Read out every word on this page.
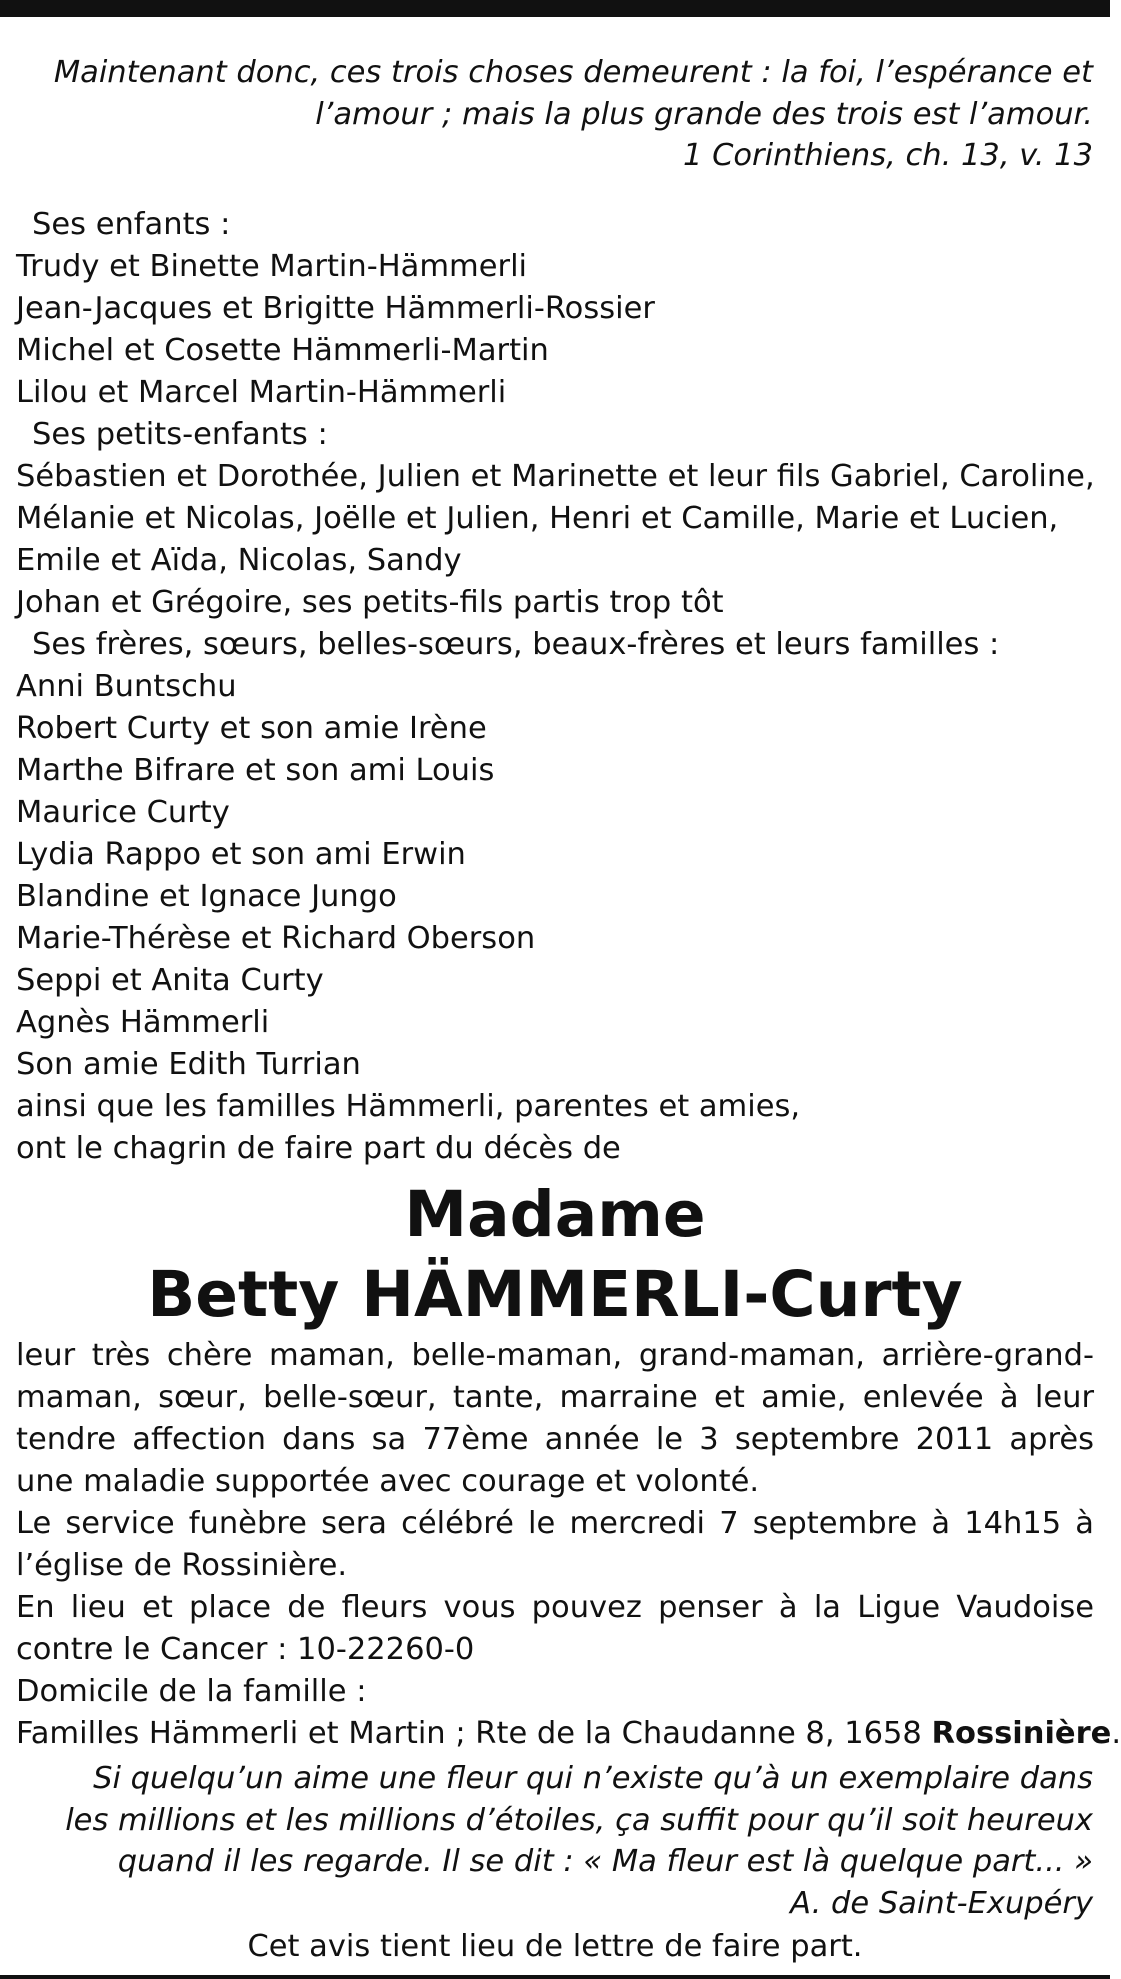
Maintenant donc, ces trois choses demeurent : la foi, l’espérance et

l’amour ; mais la plus grande des trois est l’amour.

1 Corinthiens, ch. 13, v. 13

Ses enfants :

Trudy et Binette Martin-Hämmerli

Jean-Jacques et Brigitte Hämmerli-Rossier

Michel et Cosette Hämmerli-Martin

Lilou et Marcel Martin-Hämmerli

Ses petits-enfants :

Sébastien et Dorothée, Julien et Marinette et leur fils Gabriel, Caroline,

Mélanie et Nicolas, Joëlle et Julien, Henri et Camille, Marie et Lucien,

Emile et Aïda, Nicolas, Sandy

Johan et Grégoire, ses petits-fils partis trop tôt

Ses frères, sœurs, belles-sœurs, beaux-frères et leurs familles :

Anni Buntschu

Robert Curty et son amie Irène

Marthe Bifrare et son ami Louis

Maurice Curty

Lydia Rappo et son ami Erwin

Blandine et Ignace Jungo

Marie-Thérèse et Richard Oberson

Seppi et Anita Curty

Agnès Hämmerli

Son amie Edith Turrian

ainsi que les familles Hämmerli, parentes et amies,

ont le chagrin de faire part du décès de

Madame
Betty HÄMMERLI-Curty

leur très chère maman, belle-maman, grand-maman, arrière-grand-maman, sœur, belle-sœur, tante, marraine et amie, enlevée à leur tendre affection dans sa 77ème année le 3 septembre 2011 après une maladie supportée avec courage et volonté.

Le service funèbre sera célébré le mercredi 7 septembre à 14h15 à l’église de Rossinière.

En lieu et place de fleurs vous pouvez penser à la Ligue Vaudoise contre le Cancer : 10-22260-0

Domicile de la famille :

Familles Hämmerli et Martin ; Rte de la Chaudanne 8, 1658 Rossinière.

Si quelqu’un aime une fleur qui n’existe qu’à un exemplaire dans

les millions et les millions d’étoiles, ça suffit pour qu’il soit heureux

quand il les regarde. Il se dit : « Ma fleur est là quelque part... »

A. de Saint-Exupéry

Cet avis tient lieu de lettre de faire part.
